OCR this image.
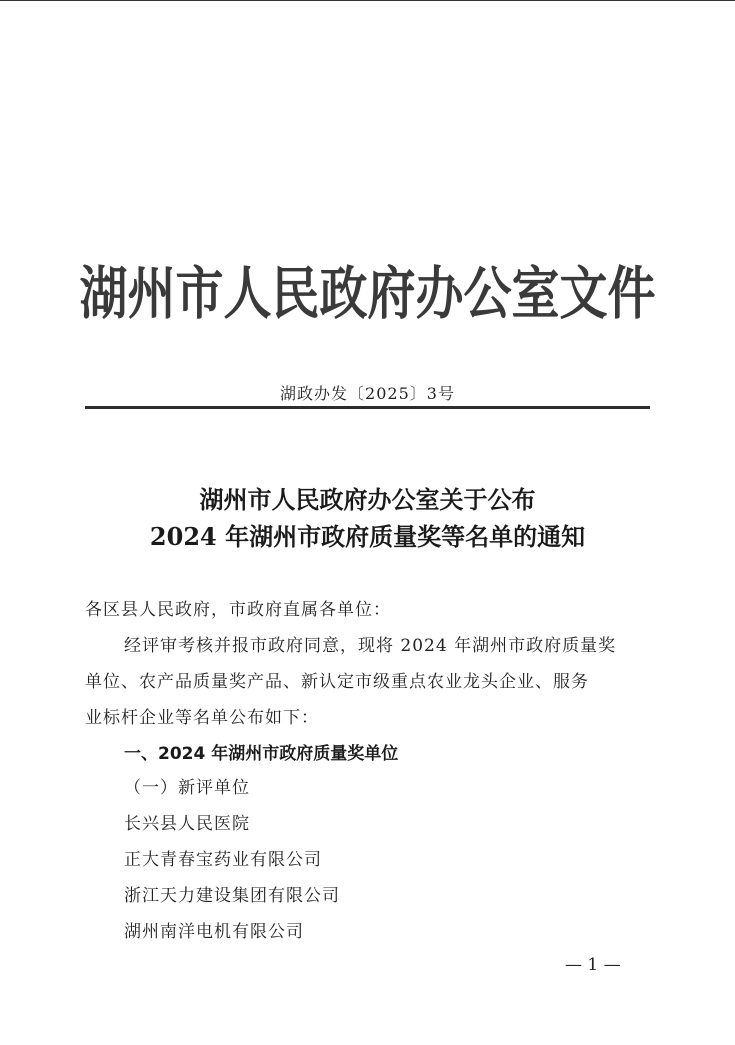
湖州市人民政府办公室文件
湖政办发〔2025〕3号
湖州市人民政府办公室关于公布
2024 年湖州市政府质量奖等名单的通知
各区县人民政府，市政府直属各单位：
经评审考核并报市政府同意，现将 2024 年湖州市政府质量奖
单位、农产品质量奖产品、新认定市级重点农业龙头企业、服务
业标杆企业等名单公布如下：
一、2024 年湖州市政府质量奖单位
（一）新评单位
长兴县人民医院
正大青春宝药业有限公司
浙江天力建设集团有限公司
湖州南洋电机有限公司
— 1 —
